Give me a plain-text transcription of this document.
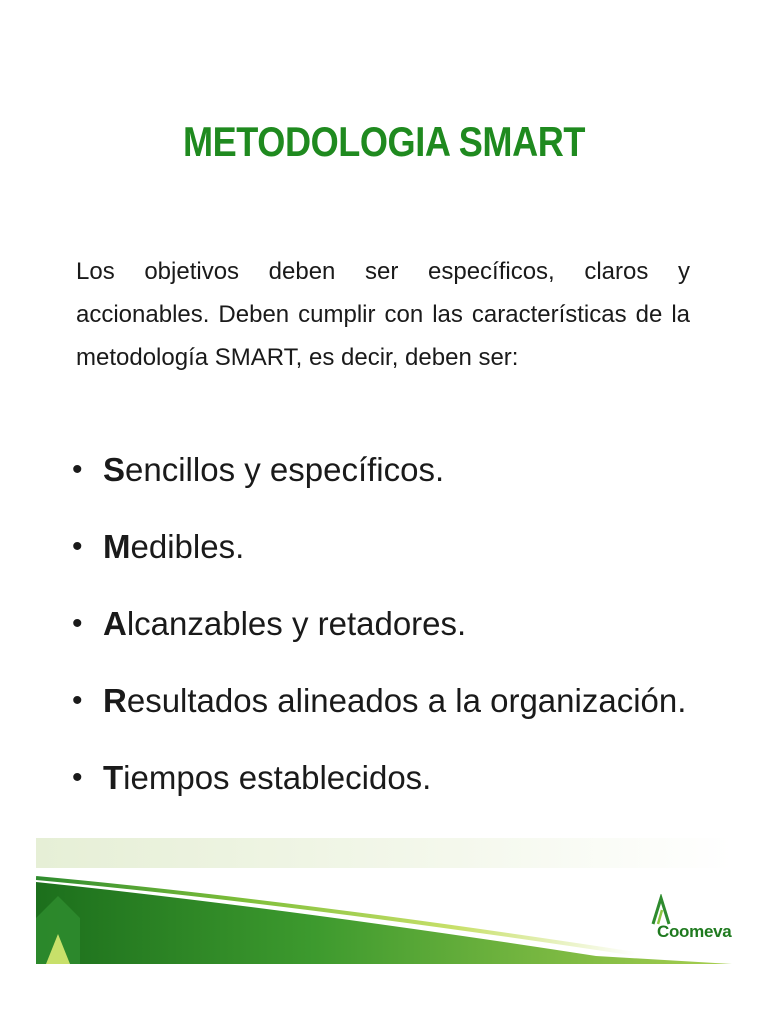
METODOLOGIA SMART
Los objetivos deben ser específicos, claros y accionables. Deben cumplir con las características de la metodología SMART, es decir, deben ser:
• Sencillos y específicos.
• Medibles.
• Alcanzables y retadores.
• Resultados alineados a la organización.
• Tiempos establecidos.
Coomeva
